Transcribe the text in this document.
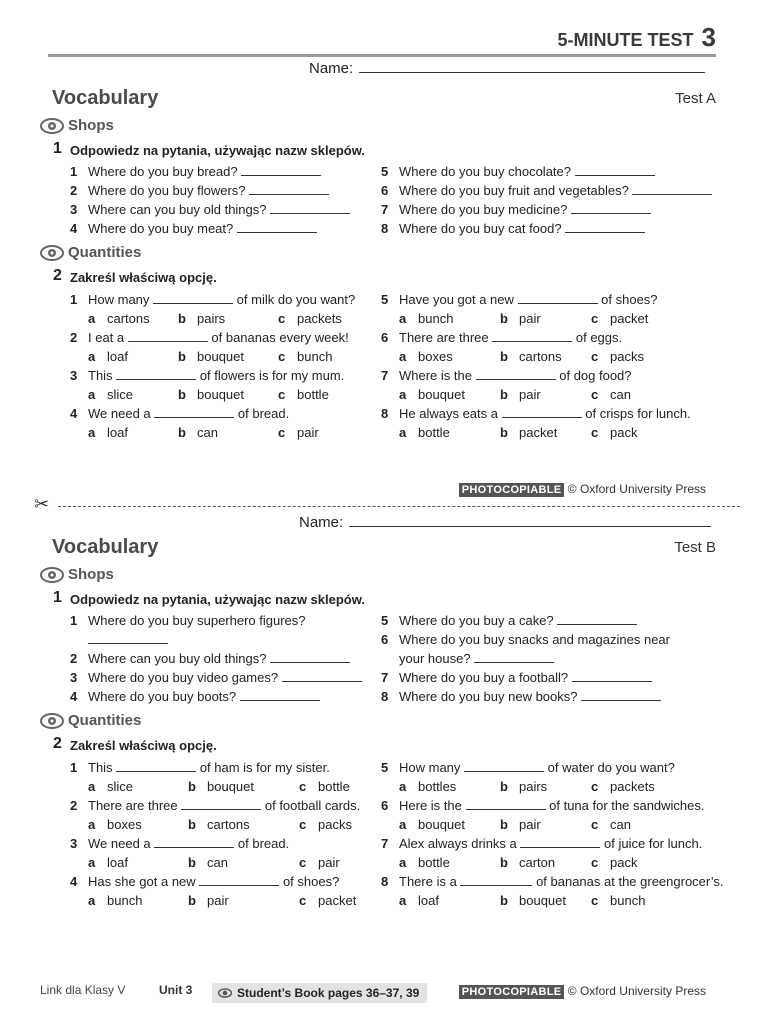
5-MINUTE TEST 3
Name:
Vocabulary	Test A
Shops
1 Odpowiedz na pytania, używając nazw sklepów.
1 Where do you buy bread?
2 Where do you buy flowers?
3 Where can you buy old things?
4 Where do you buy meat?
5 Where do you buy chocolate?
6 Where do you buy fruit and vegetables?
7 Where do you buy medicine?
8 Where do you buy cat food?
Quantities
2 Zakreśl właściwą opcję.
1 How many	of milk do you want?
a cartons b pairs	c packets
2 I eat a	of bananas every week!
a loaf	b bouquet	c bunch
3 This	of flowers is for my mum.
a slice	b bouquet	c bottle
4 We need a	of bread.
a loaf	b can	c pair
5 Have you got a new	of shoes?
a bunch	b pair	c packet
6 There are three	of eggs.
a boxes	b cartons c packs
7 Where is the	of dog food?
a bouquet	b pair	c can
8 He always eats a	of crisps for lunch.
a bottle	b packet	c pack
PHOTOCOPIABLE © Oxford University Press
✂
Name:
Vocabulary	Test B
Shops
1 Odpowiedz na pytania, używając nazw sklepów.
1 Where do you buy superhero figures?
2 Where can you buy old things?
3 Where do you buy video games?
4 Where do you buy boots?
5 Where do you buy a cake?
6 Where do you buy snacks and magazines near
your house?
7 Where do you buy a football?
8 Where do you buy new books?
Quantities
2 Zakreśl właściwą opcję.
1 This	of ham is for my sister.
a slice	b bouquet	c bottle
2 There are three	of football cards.
a boxes	b cartons	c packs
3 We need a	of bread.
a loaf	b can	c pair
4 Has she got a new	of shoes?
a bunch	b pair	c packet
5 How many	of water do you want?
a bottles	b pairs	c packets
6 Here is the	of tuna for the sandwiches.
a bouquet	b pair	c can
7 Alex always drinks a	of juice for lunch.
a bottle	b carton	c pack
8 There is a	of bananas at the greengrocer’s.
a loaf	b bouquet c bunch
Link dla Klasy V	Unit 3	Student’s Book pages 36–37, 39	PHOTOCOPIABLE © Oxford University Press
